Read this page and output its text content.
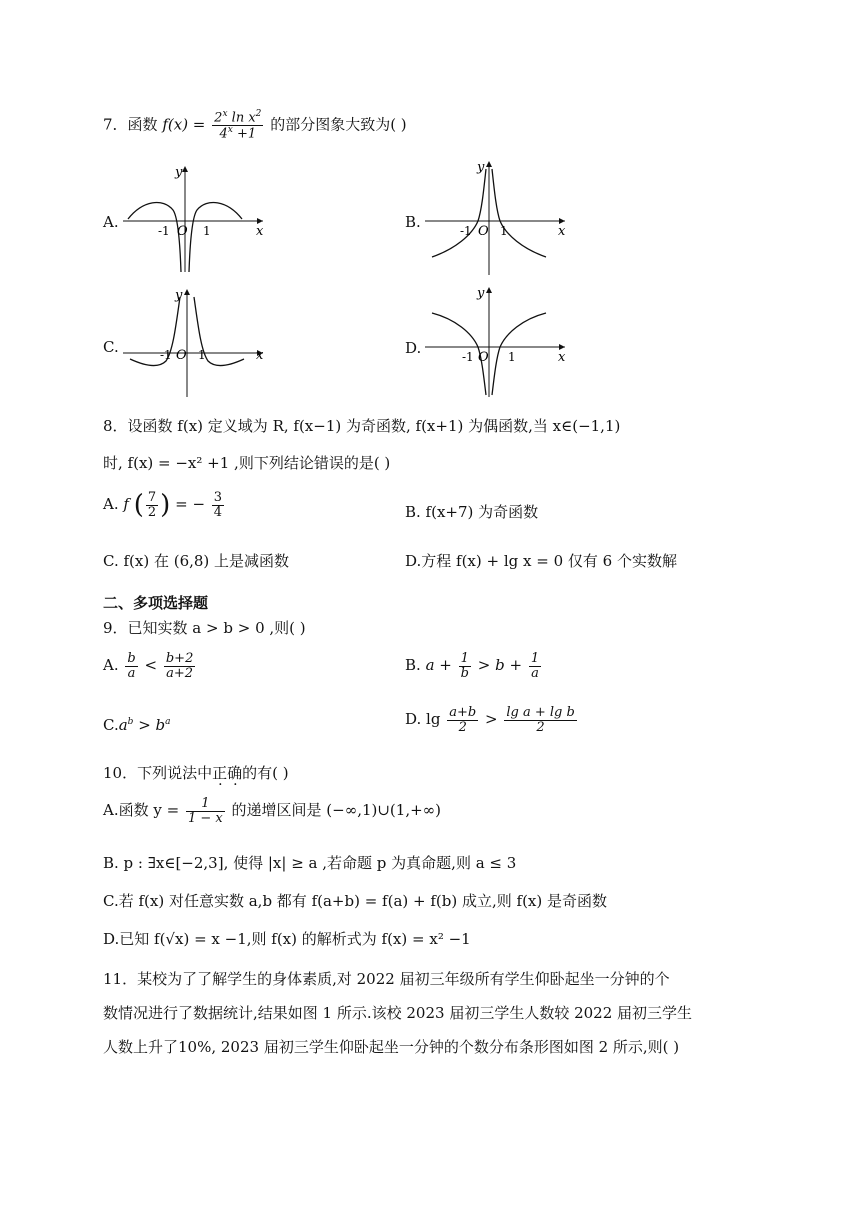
7．函数 $f(x) = \frac{2^x \ln x^2}{4^x +1}$ 的部分图象大致为( )
A.
x
y
O
-1	1	B.
x
y
O
-1 1
C.	x
y
O
-1 1	D.
x
y
O
-1	1
8．设函数 f(x) 定义域为 R, f(x−1) 为奇函数, f(x+1) 为偶函数,当 x∈(−1,1)
时, f(x) = −x² +1 ,则下列结论错误的是( )
A. f ( $\frac{7}{2}$ ) = − $\frac{3}{4}$	B. f(x+7) 为奇函数
C. f(x) 在 (6,8) 上是减函数	D.方程 f(x) + lg x = 0 仅有 6 个实数解
二、多项选择题
9．已知实数 a > b > 0 ,则( )
A. $\frac{b}{a} < \frac{b+2}{a+2}$	B. $a + \frac{1}{b} > b + \frac{1}{a}$
$C.a^b > b^a$	D. $\lg \frac{a+b}{2} > \frac{\text{lg a + lg b}}{2}$
10．下列说法中正确的有( )
A.函数 $y = \frac{1}{1 - x}$ 的递增区间是 (−∞,1)∪(1,+∞)
B. p : ∃x∈[−2,3], 使得 |x| ≥ a ,若命题 p 为真命题,则 a ≤ 3
C.若 f(x) 对任意实数 a,b 都有 f(a+b) = f(a) + f(b) 成立,则 f(x) 是奇函数
D.已知 f(√x) = x −1,则 f(x) 的解析式为 f(x) = x² −1
11．某校为了了解学生的身体素质,对 2022 届初三年级所有学生仰卧起坐一分钟的个
数情况进行了数据统计,结果如图 1 所示.该校 2023 届初三学生人数较 2022 届初三学生
人数上升了10%, 2023 届初三学生仰卧起坐一分钟的个数分布条形图如图 2 所示,则( )
